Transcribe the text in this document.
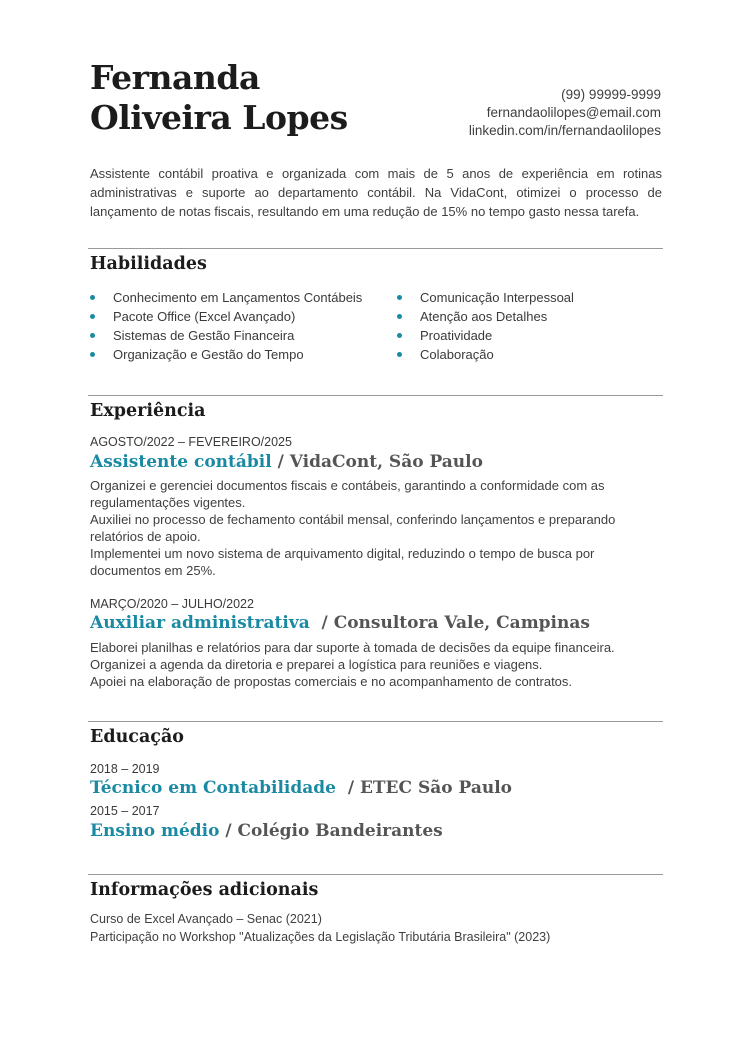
Fernanda
Oliveira Lopes
(99) 99999-9999
fernandaolilopes@email.com
linkedin.com/in/fernandaolilopes

Assistente contábil proativa e organizada com mais de 5 anos de experiência em rotinas administrativas e suporte ao departamento contábil. Na VidaCont, otimizei o processo de lançamento de notas fiscais, resultando em uma redução de 15% no tempo gasto nessa tarefa.

Habilidades
Conhecimento em Lançamentos Contábeis
Pacote Office (Excel Avançado)
Sistemas de Gestão Financeira
Organização e Gestão do Tempo
Comunicação Interpessoal
Atenção aos Detalhes
Proatividade
Colaboração
Experiência
AGOSTO/2022 – FEVEREIRO/2025
Assistente contábil / VidaCont, São Paulo
Organizei e gerenciei documentos fiscais e contábeis, garantindo a conformidade com as regulamentações vigentes.
Auxiliei no processo de fechamento contábil mensal, conferindo lançamentos e preparando relatórios de apoio.
Implementei um novo sistema de arquivamento digital, reduzindo o tempo de busca por documentos em 25%.
MARÇO/2020 – JULHO/2022
Auxiliar administrativa  / Consultora Vale, Campinas
Elaborei planilhas e relatórios para dar suporte à tomada de decisões da equipe financeira.
Organizei a agenda da diretoria e preparei a logística para reuniões e viagens.
Apoiei na elaboração de propostas comerciais e no acompanhamento de contratos.
Educação
2018 – 2019
Técnico em Contabilidade  / ETEC São Paulo
2015 – 2017
Ensino médio / Colégio Bandeirantes
Informações adicionais
Curso de Excel Avançado – Senac (2021)
Participação no Workshop "Atualizações da Legislação Tributária Brasileira" (2023)
